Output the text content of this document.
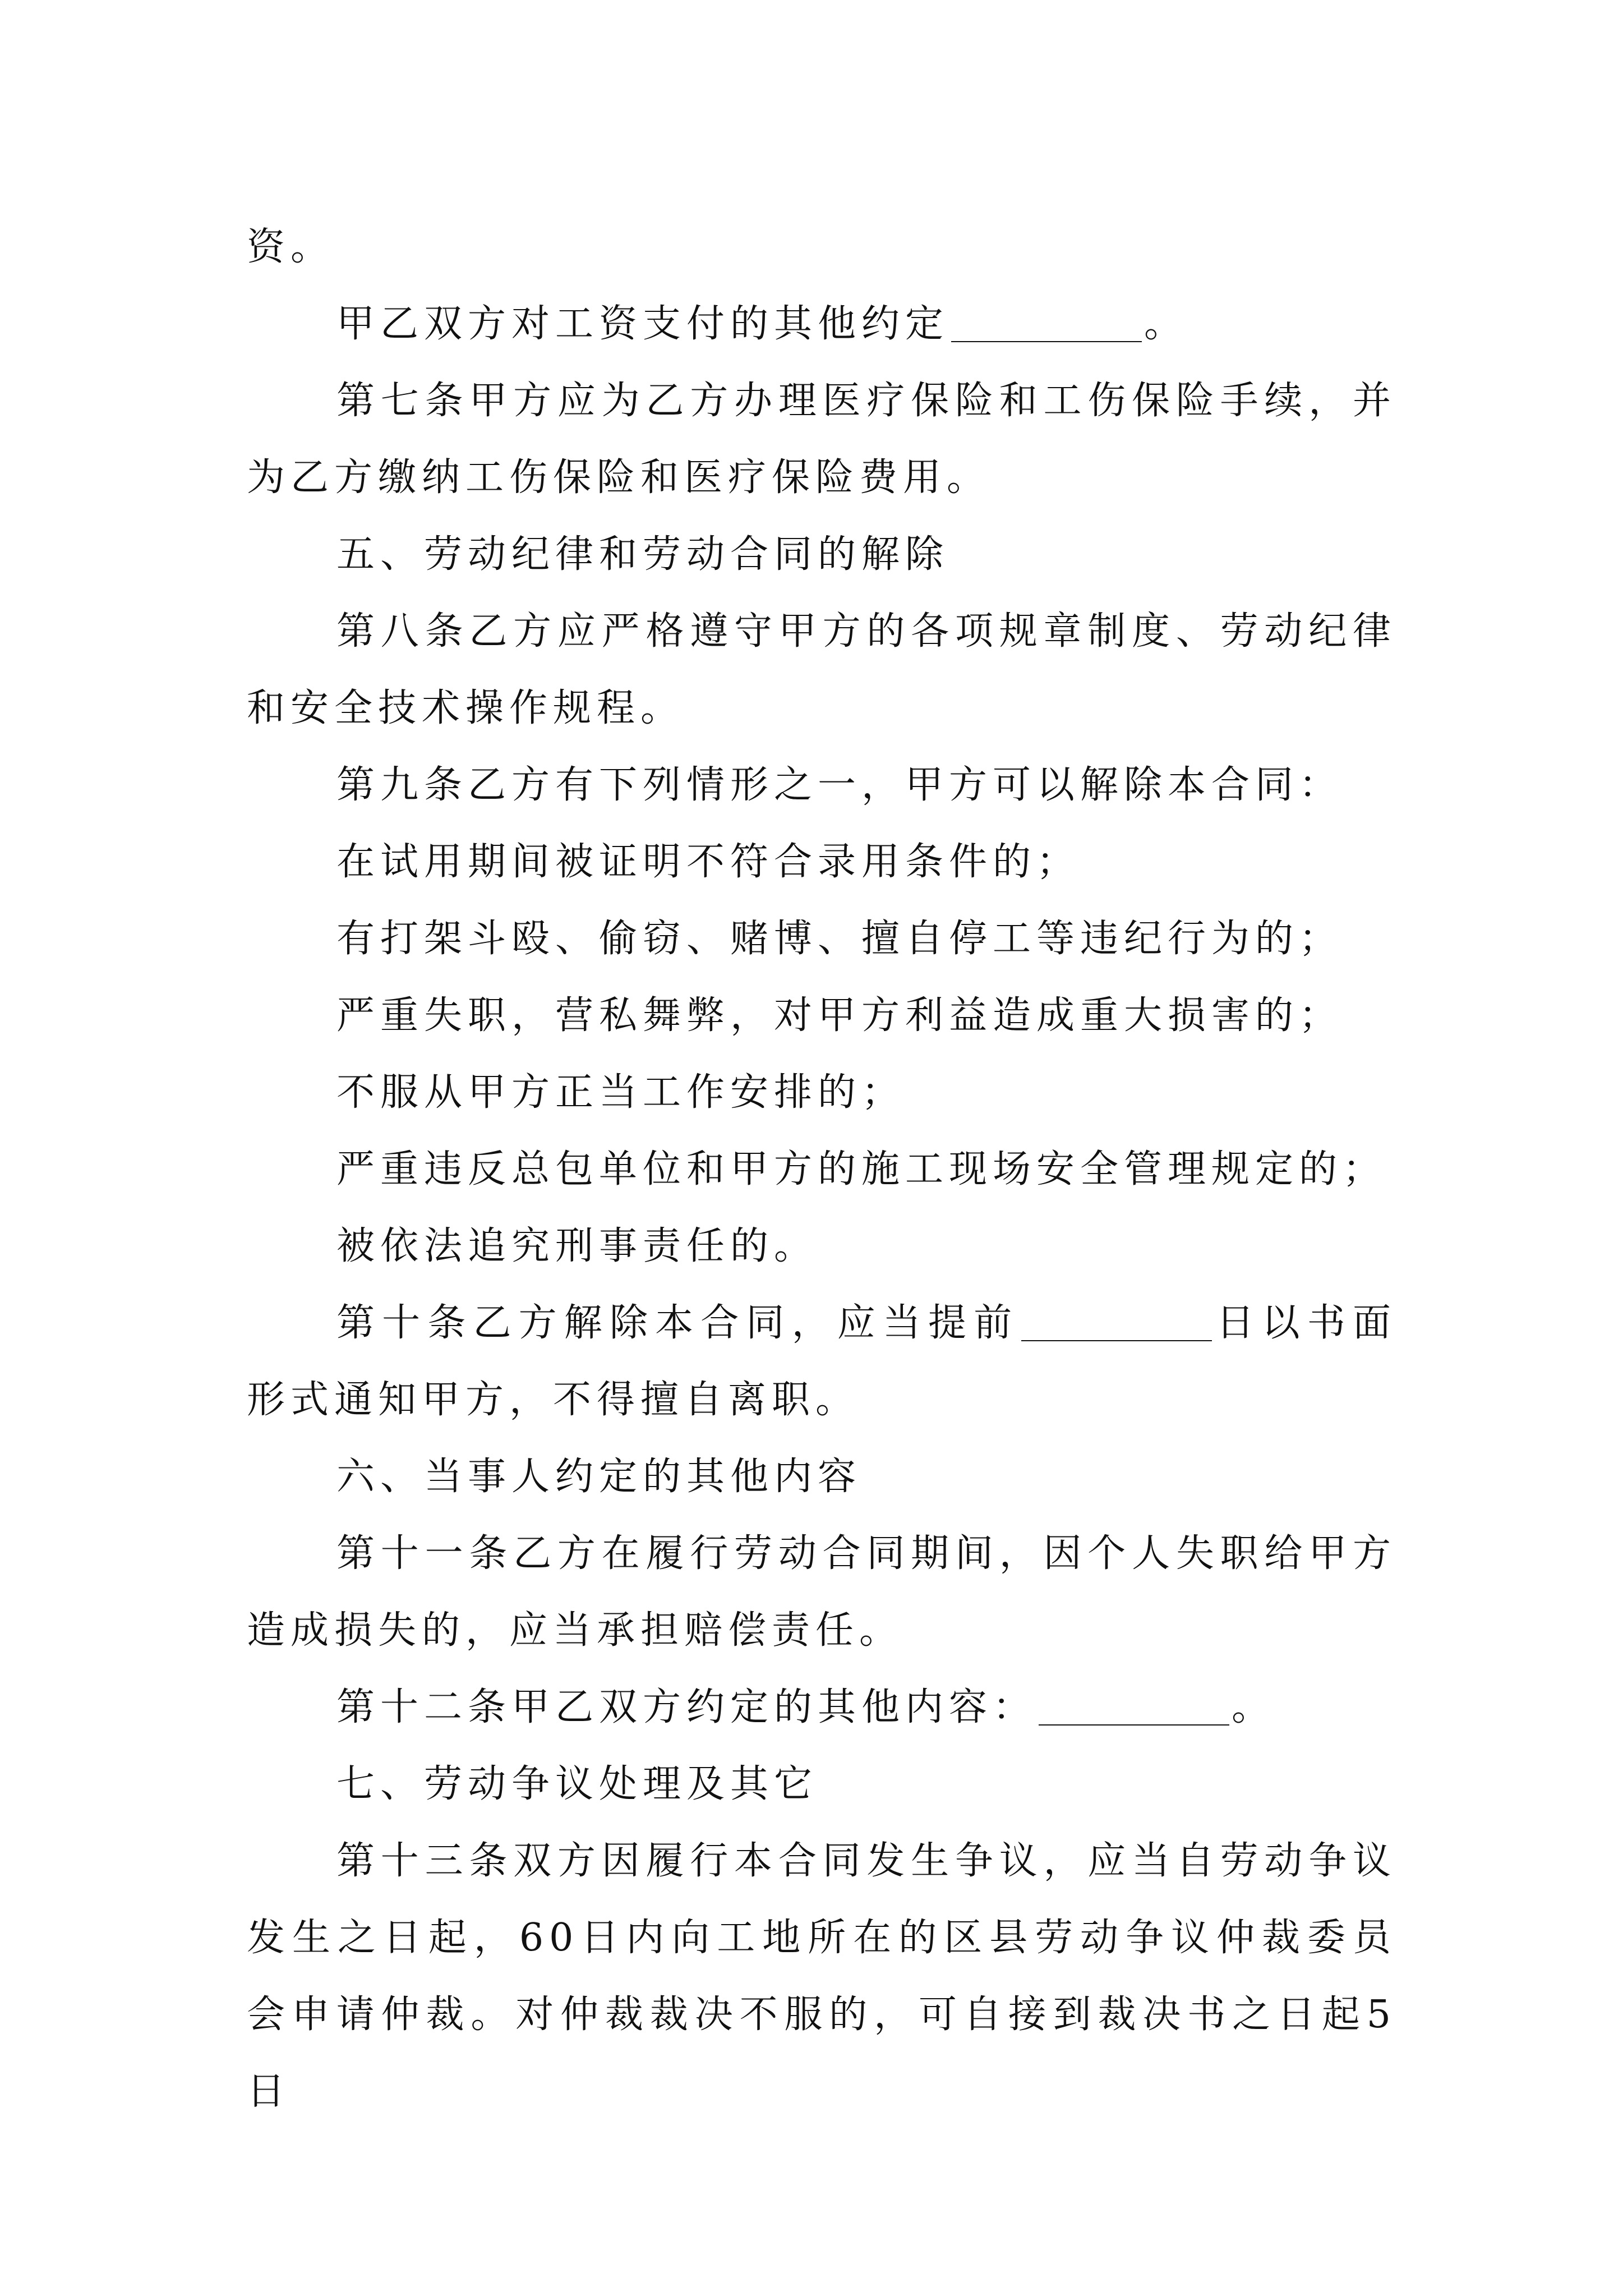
资。

甲乙双方对工资支付的其他约定	。

第七条甲方应为乙方办理医疗保险和工伤保险手续，并为乙方缴纳工伤保险和医疗保险费用。

五、劳动纪律和劳动合同的解除

第八条乙方应严格遵守甲方的各项规章制度、劳动纪律和安全技术操作规程。

第九条乙方有下列情形之一，甲方可以解除本合同：

在试用期间被证明不符合录用条件的；

有打架斗殴、偷窃、赌博、擅自停工等违纪行为的；

严重失职，营私舞弊，对甲方利益造成重大损害的；

不服从甲方正当工作安排的；

严重违反总包单位和甲方的施工现场安全管理规定的；

被依法追究刑事责任的。

第十条乙方解除本合同，应当提前	日以书面形式通知甲方，不得擅自离职。

六、当事人约定的其他内容

第十一条乙方在履行劳动合同期间，因个人失职给甲方造成损失的，应当承担赔偿责任。

第十二条甲乙双方约定的其他内容：	。

七、劳动争议处理及其它

第十三条双方因履行本合同发生争议，应当自劳动争议发生之日起，60日内向工地所在的区县劳动争议仲裁委员会申请仲裁。对仲裁裁决不服的，可自接到裁决书之日起5日
